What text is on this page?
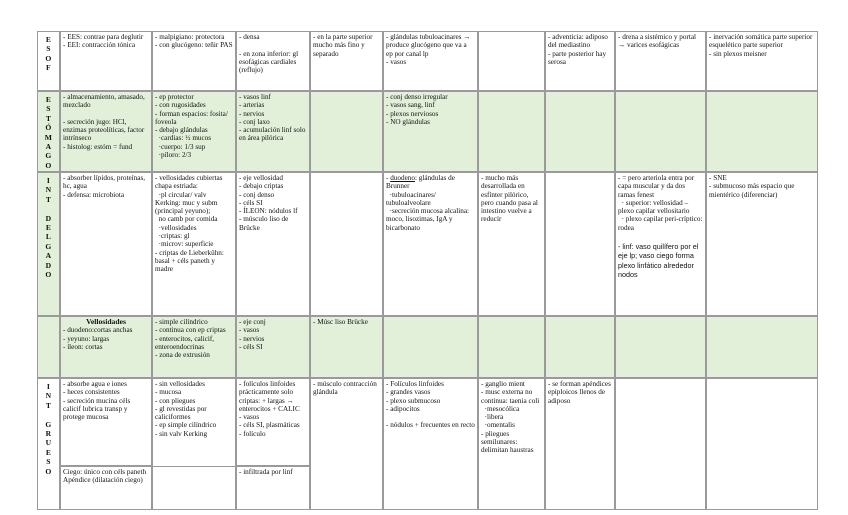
E
S
O
F
- EES: contrae para deglutir
- EEI: contracción tónica
- malpigiano: protectora
- con glucógeno: teñir PAS
- densa

- en zona inferior: gl esofágicas cardiales (reflujo)
- en la parte superior mucho más fino y separado
- glándulas tubuloacinares → produce glucógeno que va a ep por canal lp
- vasos
- adventicia: adiposo del mediastino
- parte posterior hay serosa
- drena a sistémico y portal → varices esofágicas
- inervación somática parte superior esquelético parte superior
- sin plexos meisner
E
S
T
Ó
M
A
G
O
- almacenamiento, amasado, mezclado

- secreción jugo: HCl, enzimas proteolíticas, factor intrínseco
- histolog: estóm = fund
- ep protector
- con rugosidades
- forman espacios: fosita/ foveola
- debajo glándulas
·cardias: ½ mucos
·cuerpo: 1/3 sup
·píloro: 2/3
- vasos linf
- arterias
- nervios
- conj laxo
- acumulación linf solo en área pilórica
- conj denso irregular
- vasos sang, linf
- plexos nerviosos
- NO glándulas
I
N
T

D
E
L
G
A
D
O
- absorber lípidos, proteínas, hc, agua
- defensa: microbiota
- vellosidades cubiertas chapa estriada:
·pl circular/ valv Kerking: muc y subm (principal yeyuno);
no camb por comida
·vellosidades
·criptas: gl
·microv: superficie
- criptas de Lieberkühn: basal + céls paneth y madre
- eje vellosidad
- debajo criptas
- conj denso
- céls SI
- ÍLEON: nódulos lf
- músculo liso de Brücke
- duodeno: glándulas de Brunner
·tubuloacinares/ tubuloalveolare
·secreción mucosa alcalina: moco, lisozimas, IgA y bicarbonato
- mucho más desarrollada en esfínter pilórico, pero cuando pasa al intestino vuelve a reducir
- = pero arteriola entra por capa muscular y da dos ramas fenest
· superior: vellosidad – plexo capilar vellositario
· plexo capilar peri-críptico: rodea

- linf: vaso quilífero por el eje lp; vaso ciego forma plexo linfático alrededor nodos
- SNE
- submucoso más espacio que mientérico (diferenciar)
I
N
T

G
R
U
E
S
O
- absorbe agua e iones
- heces consistentes
- secreción mucina céls calicif lubrica transp y protege mucosa
- sin vellosidades
- mucosa
- con pliegues
- gl revestidas por caliciformes
- ep simple cilíndrico
- sin valv Kerking
- folículos linfoides prácticamente solo criptas: + largas → enterocitos + CALIC
- vasos
- céls SI, plasmáticas
- folículo
- músculo contracción glándula
- Folículos linfoides
- grandes vasos
- plexo submucoso
- adipocitos

- nódulos + frecuentes en recto
- ganglio mient
- musc externa no continua: taenia coli
·mesocólica
·libera
·omentalis
- pliegues semilunares: delimitan haustras
- se forman apéndices epiploicos llenos de adiposo
Vellosidades
- duodeno:cortas anchas
- yeyuno: largas
- íleon: cortas
- simple cilíndrico
- continua con ep criptas
- enterocitos, calicif, enteroendocrinas
- zona de extrusión
- eje conj
- vasos
- nervios
- céls SI
- Músc liso Brücke
Ciego: único con céls paneth
Apéndice (dilatación ciego)
- infiltrada por linf
